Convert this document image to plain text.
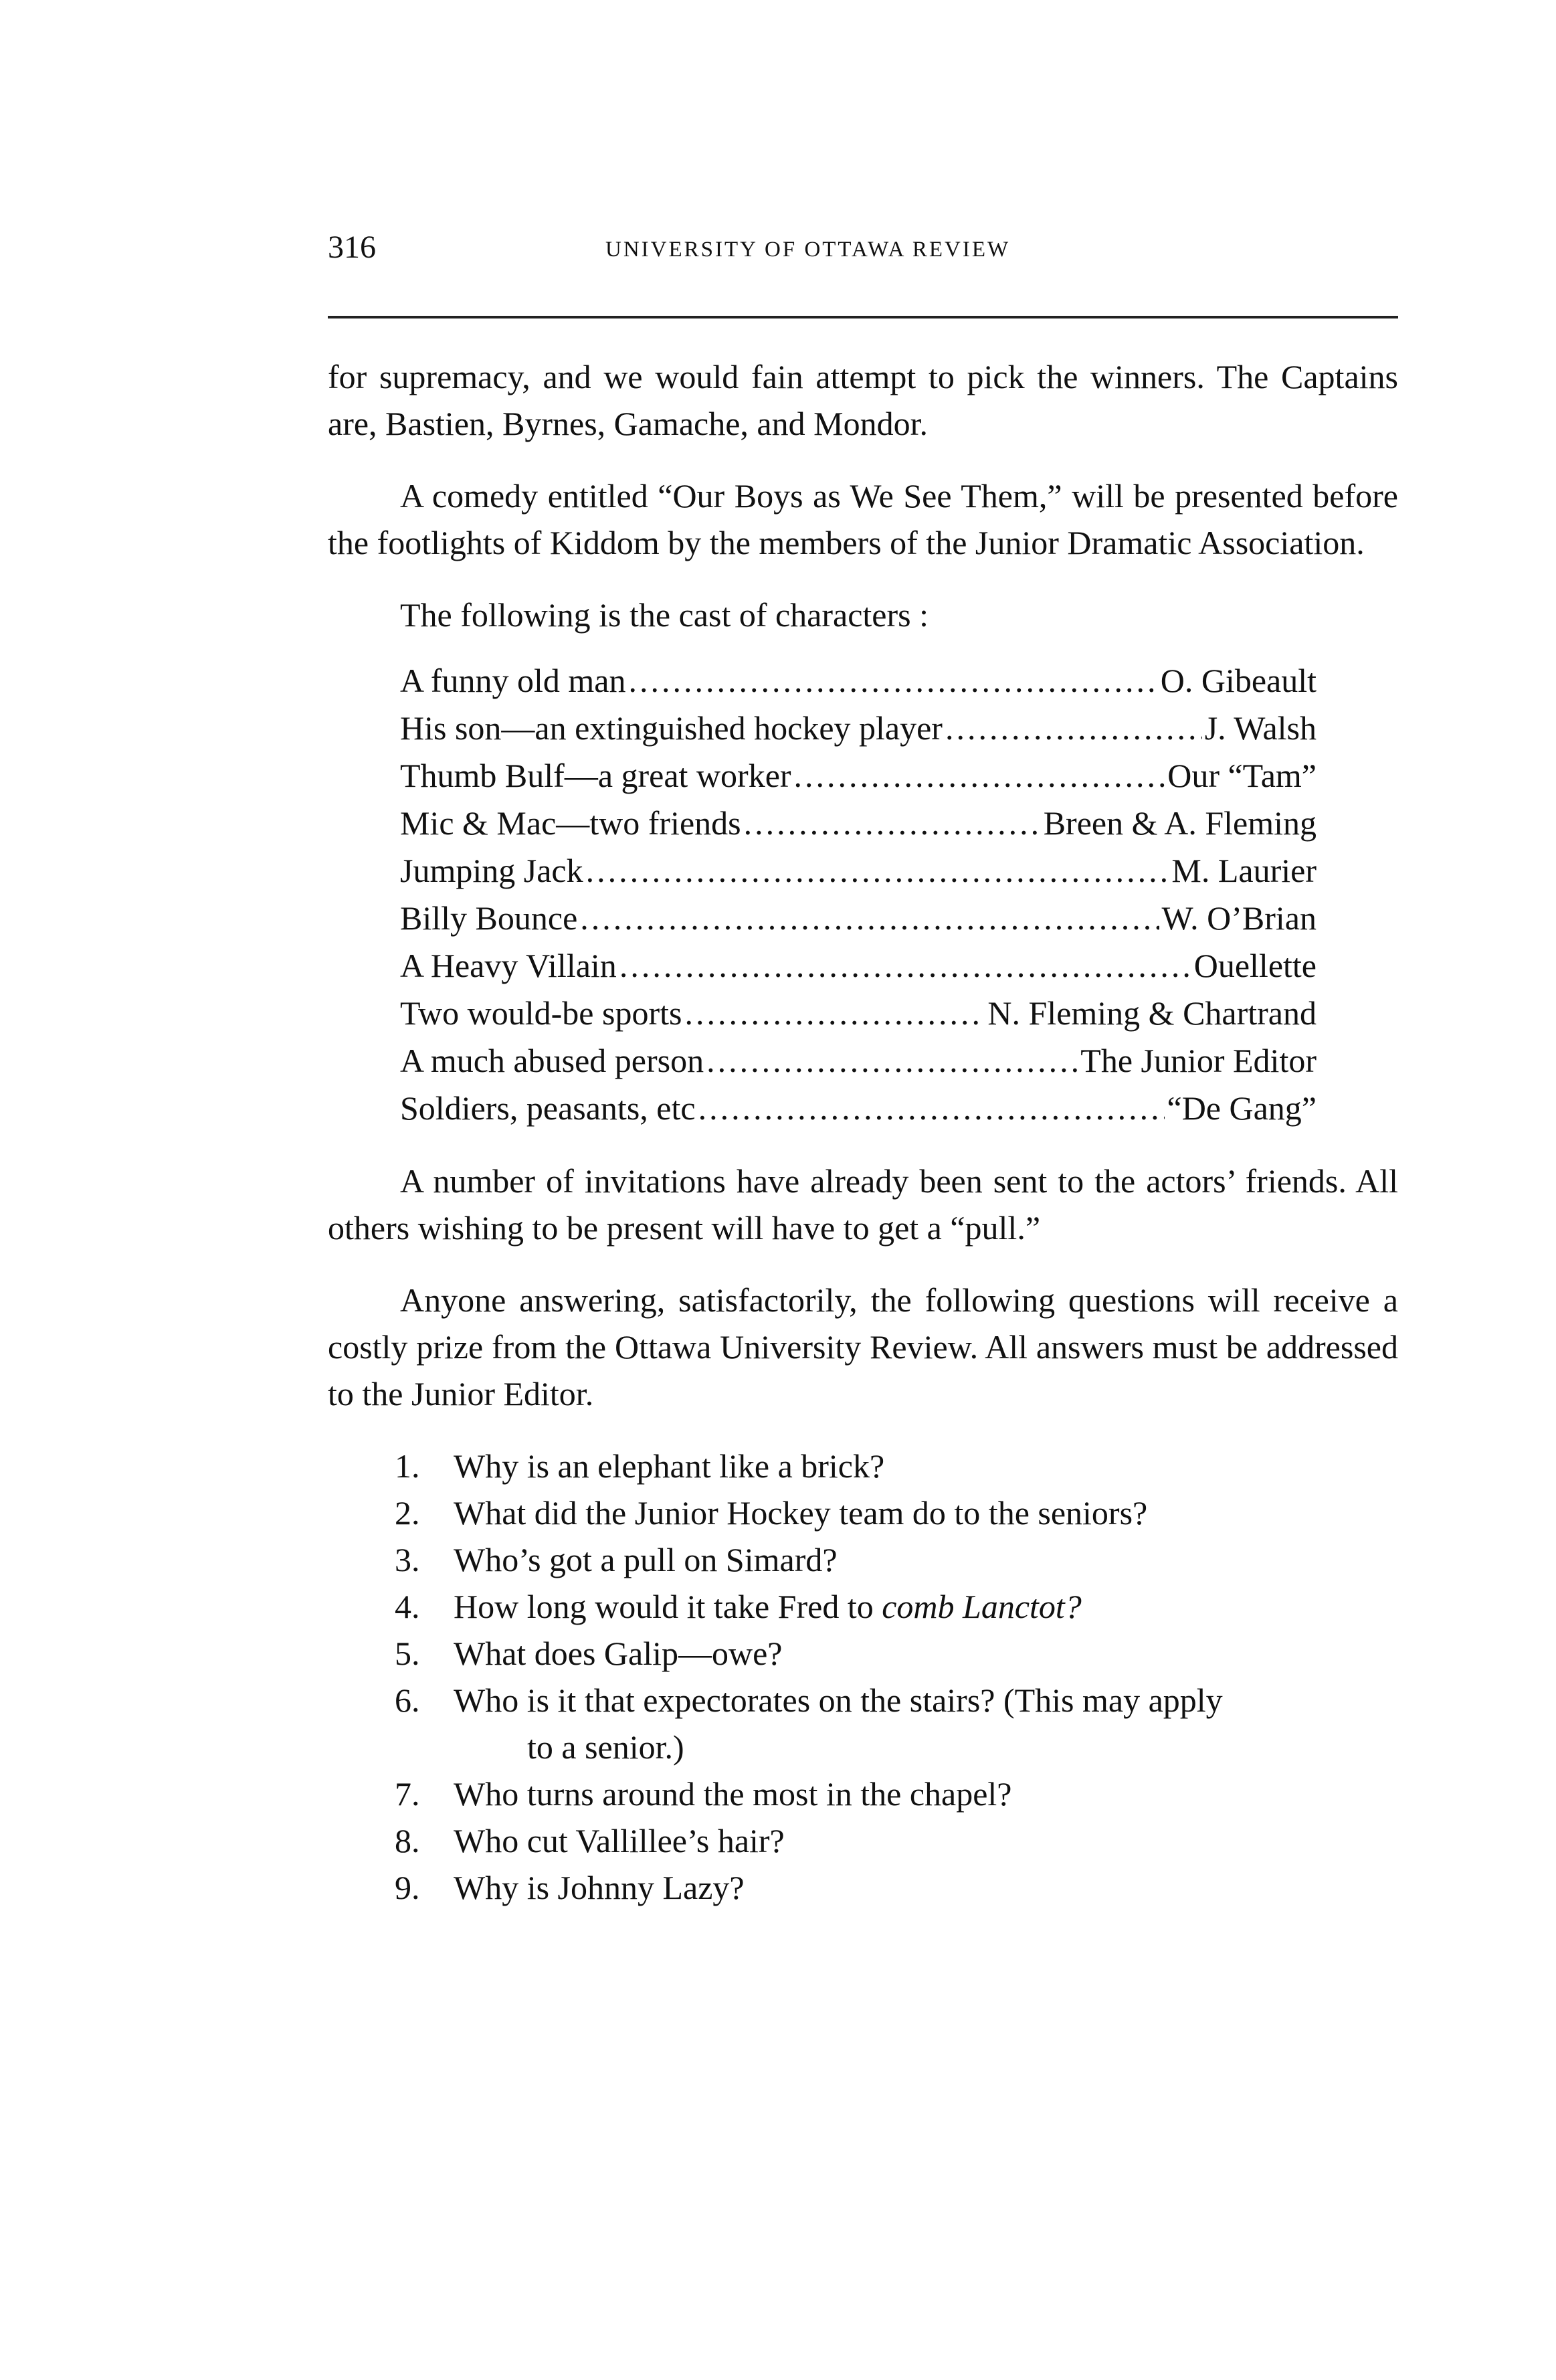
316	UNIVERSITY OF OTTAWA REVIEW

for supremacy, and we would fain attempt to pick the winners. The Captains are, Bastien, Byrnes, Gamache, and Mondor.

A comedy entitled “Our Boys as We See Them,” will be presented before the footlights of Kiddom by the members of the Junior Dramatic Association.

The following is the cast of characters :

A funny old man .....	O. Gibeault
His son—an extinguished hockey player .....	J. Walsh
Thumb Bulf—a great worker .....	Our “Tam”
Mic & Mac—two friends .....	Breen & A. Fleming
Jumping Jack .....	M. Laurier
Billy Bounce .....	W. O’Brian
A Heavy Villain .....	Ouellette
Two would-be sports .....	N. Fleming & Chartrand
A much abused person .....	The Junior Editor
Soldiers, peasants, etc .....	“De Gang”

A number of invitations have already been sent to the actors’ friends. All others wishing to be present will have to get a “pull.”

Anyone answering, satisfactorily, the following questions will receive a costly prize from the Ottawa University Review. All answers must be addressed to the Junior Editor.

1.	Why is an elephant like a brick?
2.	What did the Junior Hockey team do to the seniors?
3.	Who’s got a pull on Simard?
4.	How long would it take Fred to comb Lanctot?
5.	What does Galip—owe?
6.	Who is it that expectorates on the stairs? (This may apply
to a senior.)
7.	Who turns around the most in the chapel?
8.	Who cut Vallillee’s hair?
9.	Why is Johnny Lazy?
